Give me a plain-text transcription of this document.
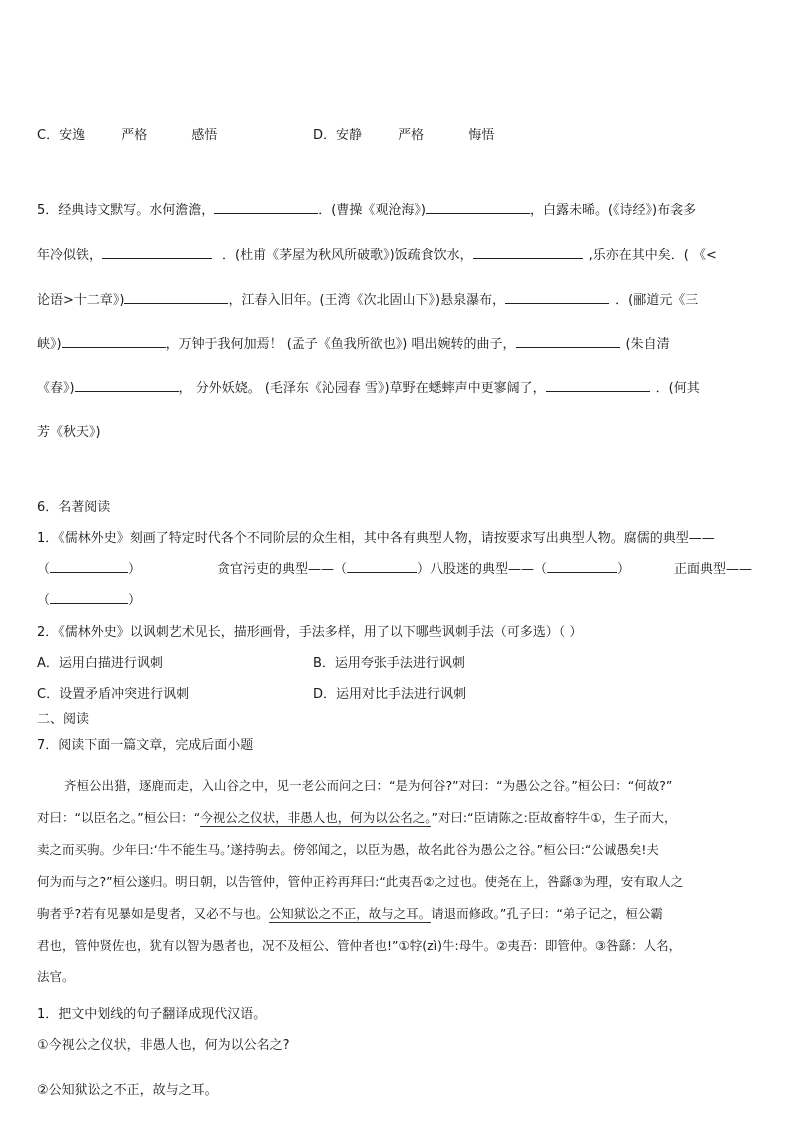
C．安逸	严格	感悟	D．安静	严格	悔悟
5．经典诗文默写。水何澹澹，	．(曹操《观沧海》)	，白露未晞。(《诗经》)布衾多
年冷似铁，	．(杜甫《茅屋为秋风所破歌》)饭疏食饮水，	,乐亦在其中矣．( 《<
论语>十二章》)	，江春入旧年。(王湾《次北固山下》)悬泉瀑布，	．(郦道元《三
峡》)	，万钟于我何加焉！ (孟子《鱼我所欲也》) 唱出婉转的曲子，	(朱自清
《春》)	， 分外妖娆。 (毛泽东《沁园春 雪》)草野在蟋蟀声中更寥阔了，	．(何其
芳《秋天》)
6．名著阅读
1．《儒林外史》刻画了特定时代各个不同阶层的众生相，其中各有典型人物，请按要求写出典型人物。腐儒的典型——
（	）	贪官污吏的典型——（	）八股迷的典型——（	）	正面典型——
（	）
2．《儒林外史》以讽刺艺术见长，描形画骨，手法多样，用了以下哪些讽刺手法（可多选）（ ）
A．运用白描进行讽刺	B．运用夸张手法进行讽刺
C．设置矛盾冲突进行讽刺	D．运用对比手法进行讽刺
二、阅读
7．阅读下面一篇文章，完成后面小题
齐桓公出猎，逐鹿而走，入山谷之中，见一老公而问之曰：“是为何谷?”对曰：“为愚公之谷。”桓公曰：“何故?”
对曰：“以臣名之。”桓公曰：“今视公之仪状，非愚人也，何为以公名之。”对曰:“臣请陈之:臣故畜牸牛①，生子而大，
卖之而买驹。少年曰:‘牛不能生马。’遂持驹去。傍邻闻之，以臣为愚，故名此谷为愚公之谷。”桓公曰:“公诚愚矣!夫
何为而与之?”桓公遂归。明日朝，以告管仲，管仲正衿再拜曰:“此夷吾②之过也。使尧在上，咎繇③为理，安有取人之
驹者乎?若有见暴如是叟者，又必不与也。公知狱讼之不正，故与之耳。请退而修政。”孔子曰：“弟子记之，桓公霸
君也，管仲贤佐也，犹有以智为愚者也，况不及桓公、管仲者也!”①牸(zì)牛:母牛。②夷吾：即管仲。③咎繇：人名，
法官。
1．把文中划线的句子翻译成现代汉语。
①今视公之仪状，非愚人也，何为以公名之?
②公知狱讼之不正，故与之耳。
